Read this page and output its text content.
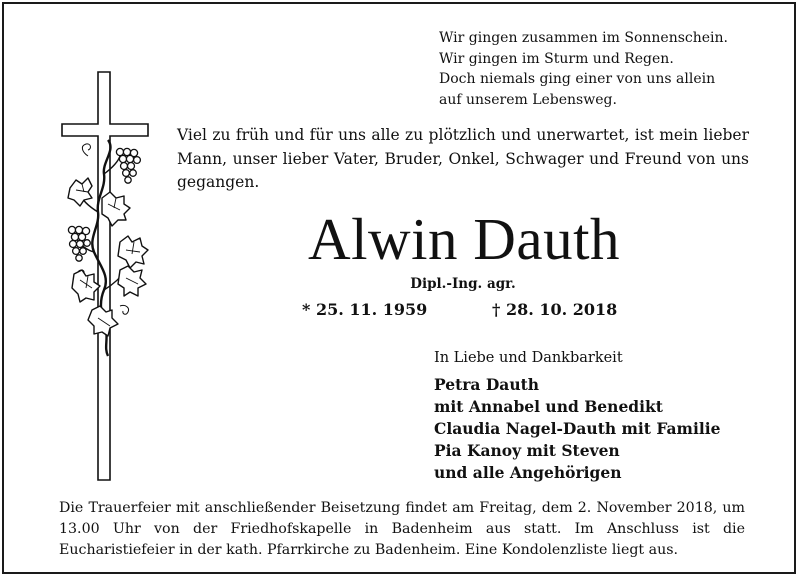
Wir gingen zusammen im Sonnenschein.
Wir gingen im Sturm und Regen.
Doch niemals ging einer von uns allein
auf unserem Lebensweg.

Viel zu früh und für uns alle zu plötzlich und unerwartet, ist mein lieber Mann, unser lieber Vater, Bruder, Onkel, Schwager und Freund von uns gegangen.

Alwin Dauth
Dipl.-Ing. agr.
* 25. 11. 1959	† 28. 10. 2018
In Liebe und Dankbarkeit
Petra Dauth
mit Annabel und Benedikt
Claudia Nagel-Dauth mit Familie
Pia Kanoy mit Steven
und alle Angehörigen

Die Trauerfeier mit anschließender Beisetzung findet am Freitag, dem 2. November 2018, um 13.00 Uhr von der Friedhofskapelle in Badenheim aus statt. Im Anschluss ist die Eucharistiefeier in der kath. Pfarrkirche zu Badenheim. Eine Kondolenzliste liegt aus.
